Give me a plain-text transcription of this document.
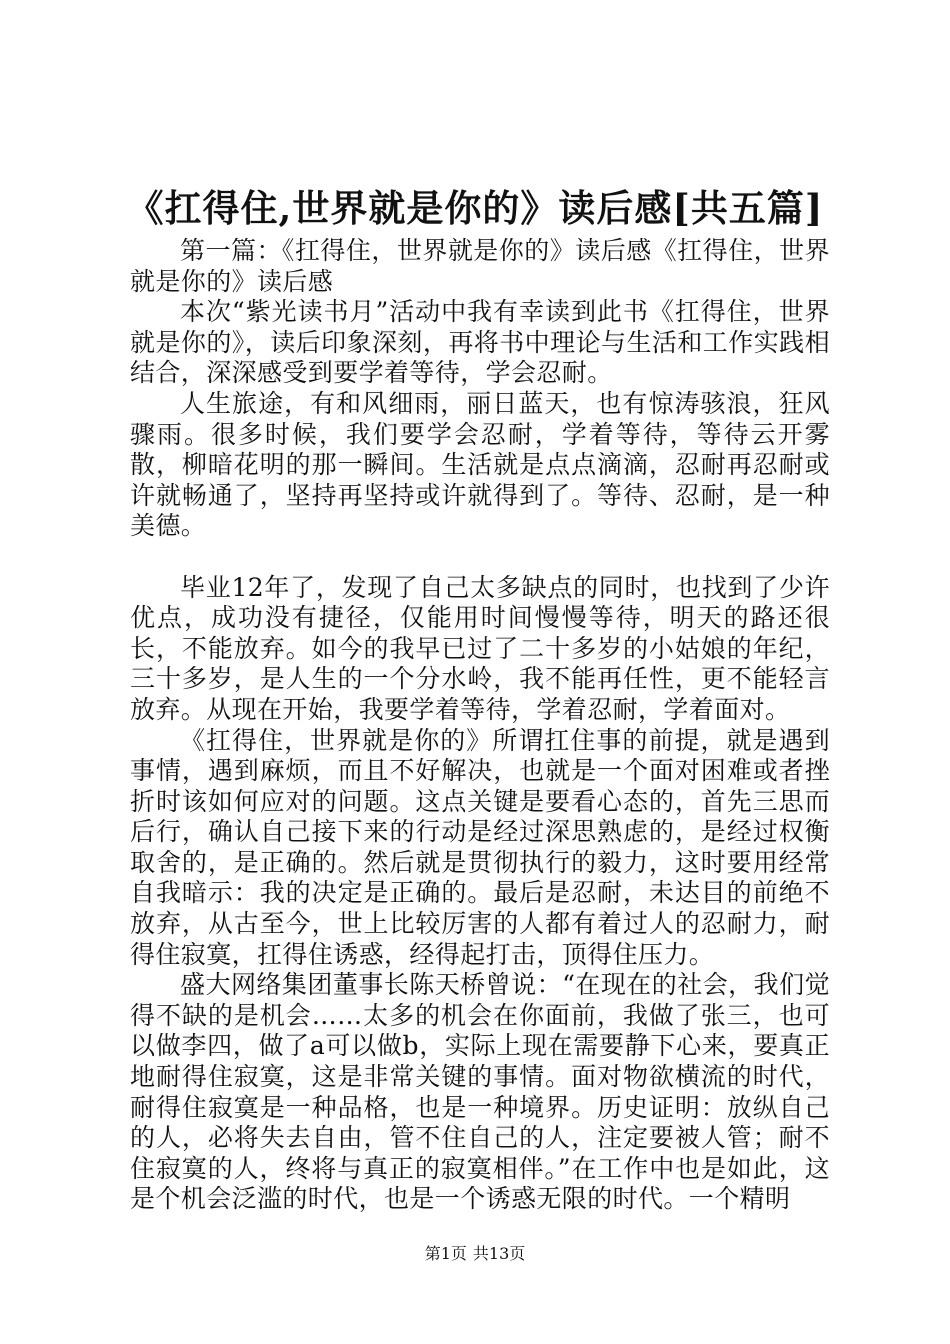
《扛得住,世界就是你的》读后感[共五篇]

第一篇：《扛得住，世界就是你的》读后感《扛得住，世界就是你的》读后感

本次“紫光读书月”活动中我有幸读到此书《扛得住，世界就是你的》，读后印象深刻，再将书中理论与生活和工作实践相结合，深深感受到要学着等待，学会忍耐。

人生旅途，有和风细雨，丽日蓝天，也有惊涛骇浪，狂风骤雨。很多时候，我们要学会忍耐，学着等待，等待云开雾散，柳暗花明的那一瞬间。生活就是点点滴滴，忍耐再忍耐或许就畅通了，坚持再坚持或许就得到了。等待、忍耐，是一种美德。

毕业12年了，发现了自己太多缺点的同时，也找到了少许优点，成功没有捷径，仅能用时间慢慢等待，明天的路还很长，不能放弃。如今的我早已过了二十多岁的小姑娘的年纪，三十多岁，是人生的一个分水岭，我不能再任性，更不能轻言放弃。从现在开始，我要学着等待，学着忍耐，学着面对。

《扛得住，世界就是你的》所谓扛住事的前提，就是遇到事情，遇到麻烦，而且不好解决，也就是一个面对困难或者挫折时该如何应对的问题。这点关键是要看心态的，首先三思而后行，确认自己接下来的行动是经过深思熟虑的，是经过权衡取舍的，是正确的。然后就是贯彻执行的毅力，这时要用经常自我暗示：我的决定是正确的。最后是忍耐，未达目的前绝不放弃，从古至今，世上比较厉害的人都有着过人的忍耐力，耐得住寂寞，扛得住诱惑，经得起打击，顶得住压力。

盛大网络集团董事长陈天桥曾说：“在现在的社会，我们觉得不缺的是机会……太多的机会在你面前，我做了张三，也可以做李四，做了a可以做b，实际上现在需要静下心来，要真正地耐得住寂寞，这是非常关键的事情。面对物欲横流的时代，耐得住寂寞是一种品格，也是一种境界。历史证明：放纵自己的人，必将失去自由，管不住自己的人，注定要被人管；耐不住寂寞的人，终将与真正的寂寞相伴。”在工作中也是如此，这是个机会泛滥的时代，也是一个诱惑无限的时代。一个精明

第1页 共13页
